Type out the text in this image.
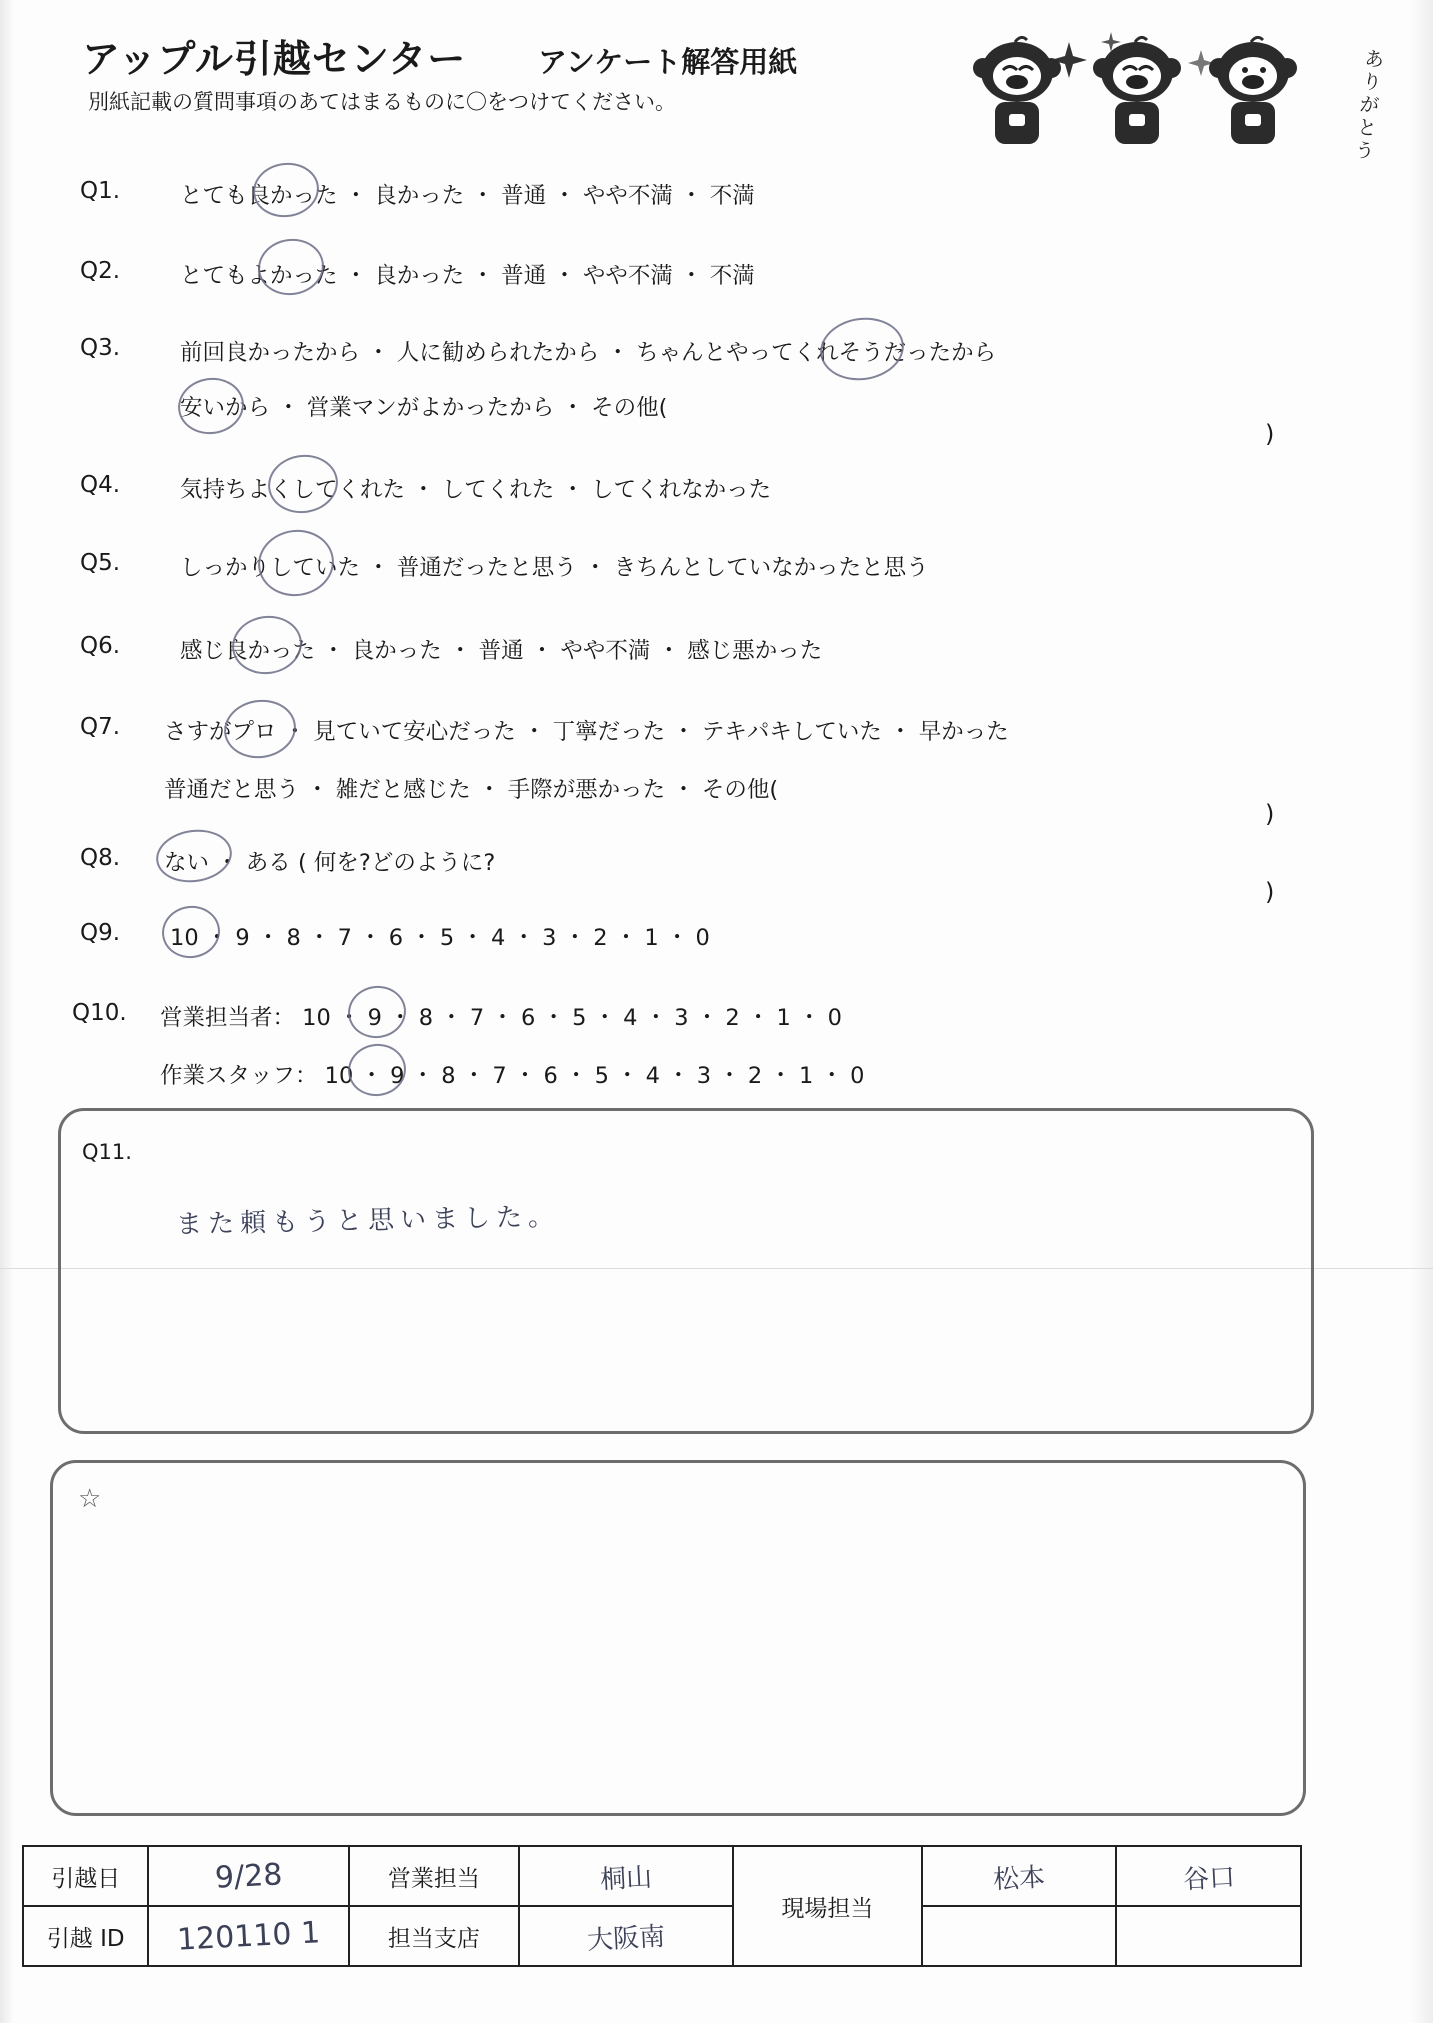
アップル引越センター アンケート解答用紙
別紙記載の質問事項のあてはまるものに〇をつけてください。	ありがとう
Q1.	とても良かった ・ 良かった ・ 普通 ・ やや不満 ・ 不満
Q2.	とてもよかった ・ 良かった ・ 普通 ・ やや不満 ・ 不満
Q3.	前回良かったから ・ 人に勧められたから ・ ちゃんとやってくれそうだったから
安いから ・ 営業マンがよかったから ・ その他(
)
Q4.	気持ちよくしてくれた ・ してくれた ・ してくれなかった
Q5.	しっかりしていた ・ 普通だったと思う ・ きちんとしていなかったと思う
Q6.	感じ良かった ・ 良かった ・ 普通 ・ やや不満 ・ 感じ悪かった
Q7. さすがプロ ・ 見ていて安心だった ・ 丁寧だった ・ テキパキしていた ・ 早かった
普通だと思う ・ 雑だと感じた ・ 手際が悪かった ・ その他(
)
Q8. ない ・ ある ( 何を?どのように?
)
Q9. 10 ・ 9 ・ 8 ・ 7 ・ 6 ・ 5 ・ 4 ・ 3 ・ 2 ・ 1 ・ 0
Q10. 営業担当者： 10 ・ 9 ・ 8 ・ 7 ・ 6 ・ 5 ・ 4 ・ 3 ・ 2 ・ 1 ・ 0
作業スタッフ： 10 ・ 9 ・ 8 ・ 7 ・ 6 ・ 5 ・ 4 ・ 3 ・ 2 ・ 1 ・ 0
Q11.
また頼もうと思いました。
☆
引越日	9/28	営業担当	桐山	現場担当	松本	谷口
引越 ID	120110 1	担当支店	大阪南			
